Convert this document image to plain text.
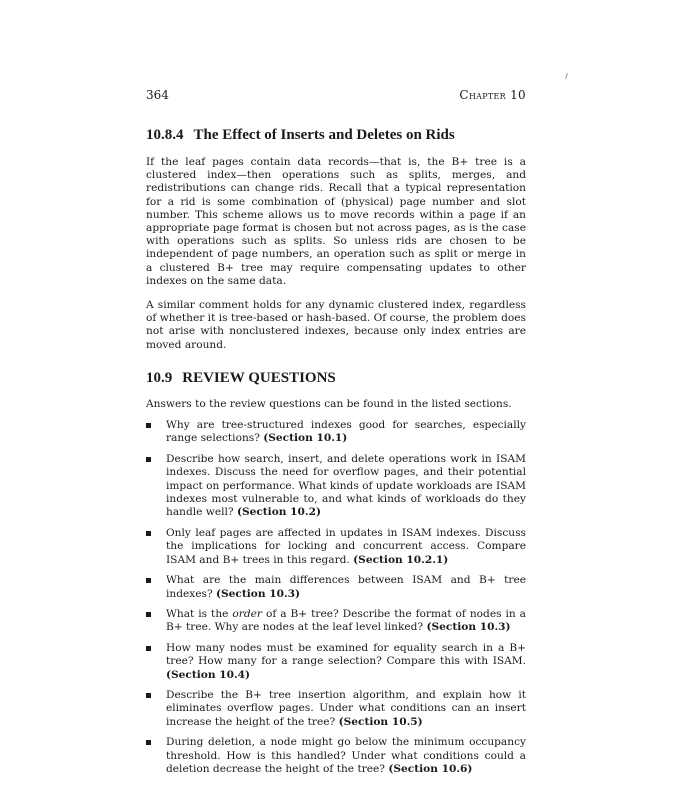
364	Chapter 10
10.8.4 The Effect of Inserts and Deletes on Rids

If the leaf pages contain data records—that is, the B+ tree is a clustered index—then operations such as splits, merges, and redistributions can change rids. Recall that a typical representation for a rid is some combination of (physical) page number and slot number. This scheme allows us to move records within a page if an appropriate page format is chosen but not across pages, as is the case with operations such as splits. So unless rids are chosen to be independent of page numbers, an operation such as split or merge in a clustered B+ tree may require compensating updates to other indexes on the same data.

A similar comment holds for any dynamic clustered index, regardless of whether it is tree-based or hash-based. Of course, the problem does not arise with nonclustered indexes, because only index entries are moved around.

10.9 REVIEW QUESTIONS

Answers to the review questions can be found in the listed sections.

Why are tree-structured indexes good for searches, especially range selections? (Section 10.1)
Describe how search, insert, and delete operations work in ISAM indexes. Discuss the need for overflow pages, and their potential impact on performance. What kinds of update workloads are ISAM indexes most vulnerable to, and what kinds of workloads do they handle well? (Section 10.2)
Only leaf pages are affected in updates in ISAM indexes. Discuss the implications for locking and concurrent access. Compare ISAM and B+ trees in this regard. (Section 10.2.1)
What are the main differences between ISAM and B+ tree indexes? (Section 10.3)
What is the order of a B+ tree? Describe the format of nodes in a B+ tree. Why are nodes at the leaf level linked? (Section 10.3)
How many nodes must be examined for equality search in a B+ tree? How many for a range selection? Compare this with ISAM. (Section 10.4)
Describe the B+ tree insertion algorithm, and explain how it eliminates overflow pages. Under what conditions can an insert increase the height of the tree? (Section 10.5)
During deletion, a node might go below the minimum occupancy threshold. How is this handled? Under what conditions could a deletion decrease the height of the tree? (Section 10.6)
